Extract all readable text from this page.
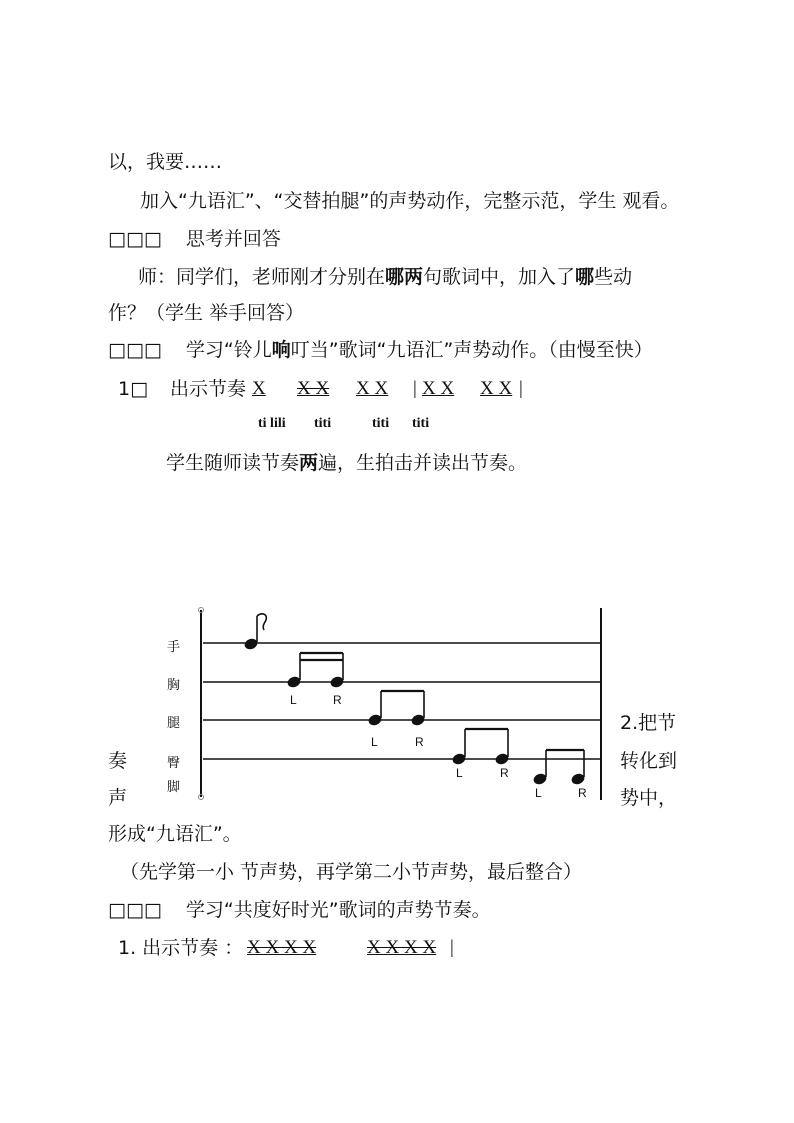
以，我要……
加入“九语汇”、“交替拍腿”的声势动作，完整示范，学生 观看。
□□□ 思考并回答
师：同学们，老师刚才分别在哪两句歌词中，加入了哪些动
作？（学生 举手回答）
□□□ 学习“铃儿响叮当”歌词“九语汇”声势动作。（由慢至快）
1□ 出示节奏 X X X X X | X X X X |
ti lili titi	titi titi
学生随师读节奏两遍，生拍击并读出节奏。
手
胸
腿
臀
脚
L	R
L	R
L	R
L	R
奏
声
2.把节
转化到
势中，
形成“九语汇”。
（先学第一小 节声势，再学第二小节声势，最后整合）
□□□ 学习“共度好时光”歌词的声势节奏。
1. 出示节奏 ： X X X X	X X X X |
